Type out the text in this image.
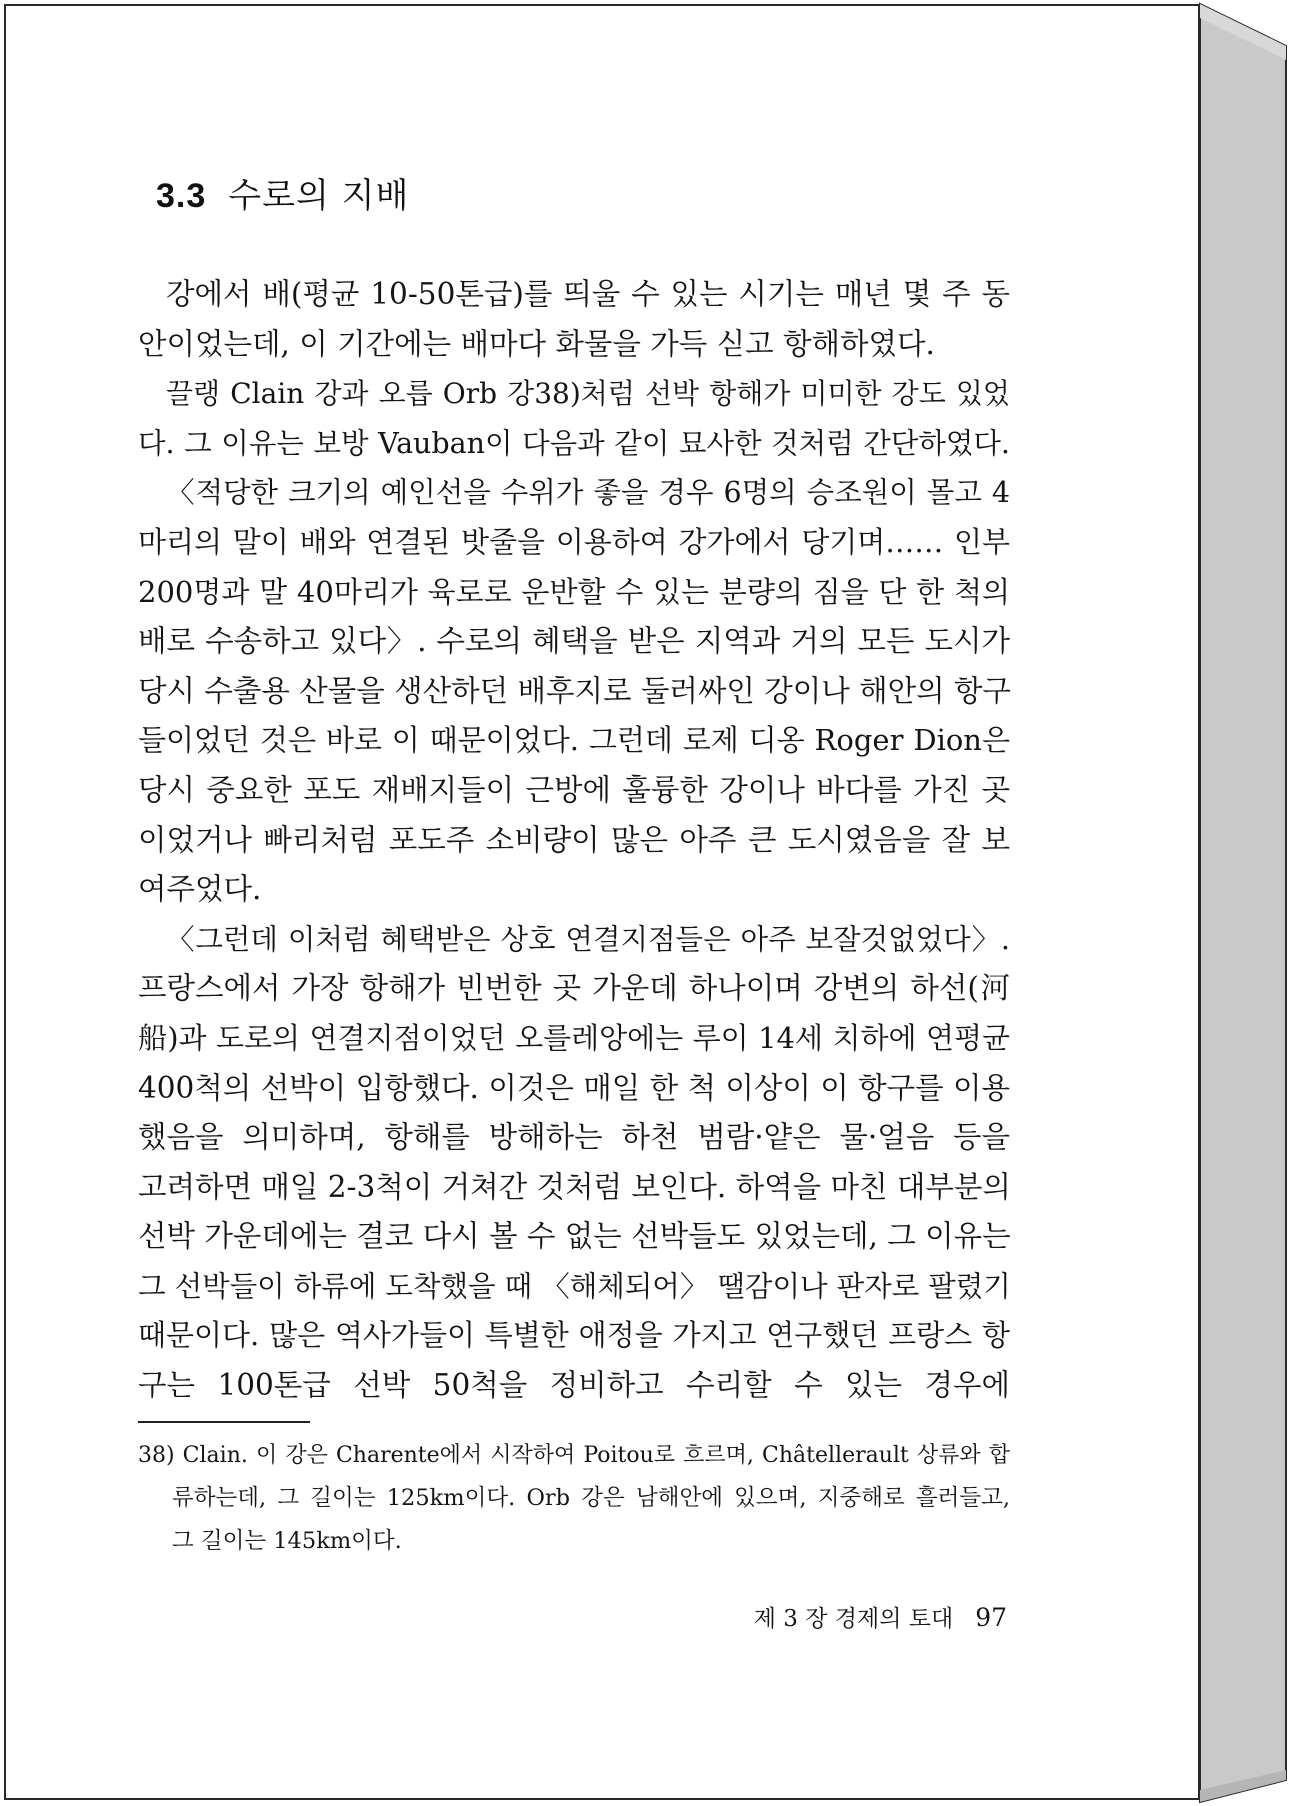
3.3 수로의 지배
강에서 배(평균 10-50톤급)를 띄울 수 있는 시기는 매년 몇 주 동
안이었는데, 이 기간에는 배마다 화물을 가득 싣고 항해하였다.
끌랭 Clain 강과 오릅 Orb 강38)처럼 선박 항해가 미미한 강도 있었
다. 그 이유는 보방 Vauban이 다음과 같이 묘사한 것처럼 간단하였다.
〈적당한 크기의 예인선을 수위가 좋을 경우 6명의 승조원이 몰고 4
마리의 말이 배와 연결된 밧줄을 이용하여 강가에서 당기며…… 인부
200명과 말 40마리가 육로로 운반할 수 있는 분량의 짐을 단 한 척의
배로 수송하고 있다〉. 수로의 혜택을 받은 지역과 거의 모든 도시가
당시 수출용 산물을 생산하던 배후지로 둘러싸인 강이나 해안의 항구
들이었던 것은 바로 이 때문이었다. 그런데 로제 디옹 Roger Dion은
당시 중요한 포도 재배지들이 근방에 훌륭한 강이나 바다를 가진 곳
이었거나 빠리처럼 포도주 소비량이 많은 아주 큰 도시였음을 잘 보
여주었다.
〈그런데 이처럼 혜택받은 상호 연결지점들은 아주 보잘것없었다〉.
프랑스에서 가장 항해가 빈번한 곳 가운데 하나이며 강변의 하선(河
船)과 도로의 연결지점이었던 오를레앙에는 루이 14세 치하에 연평균
400척의 선박이 입항했다. 이것은 매일 한 척 이상이 이 항구를 이용
했음을 의미하며, 항해를 방해하는 하천 범람·얕은 물·얼음 등을
고려하면 매일 2-3척이 거쳐간 것처럼 보인다. 하역을 마친 대부분의
선박 가운데에는 결코 다시 볼 수 없는 선박들도 있었는데, 그 이유는
그 선박들이 하류에 도착했을 때 〈해체되어〉 땔감이나 판자로 팔렸기
때문이다. 많은 역사가들이 특별한 애정을 가지고 연구했던 프랑스 항
구는 100톤급 선박 50척을 정비하고 수리할 수 있는 경우에
38) Clain. 이 강은 Charente에서 시작하여 Poitou로 흐르며, Châtellerault 상류와 합
류하는데, 그 길이는 125km이다. Orb 강은 남해안에 있으며, 지중해로 흘러들고,
그 길이는 145km이다.
제 3 장 경제의 토대 97
